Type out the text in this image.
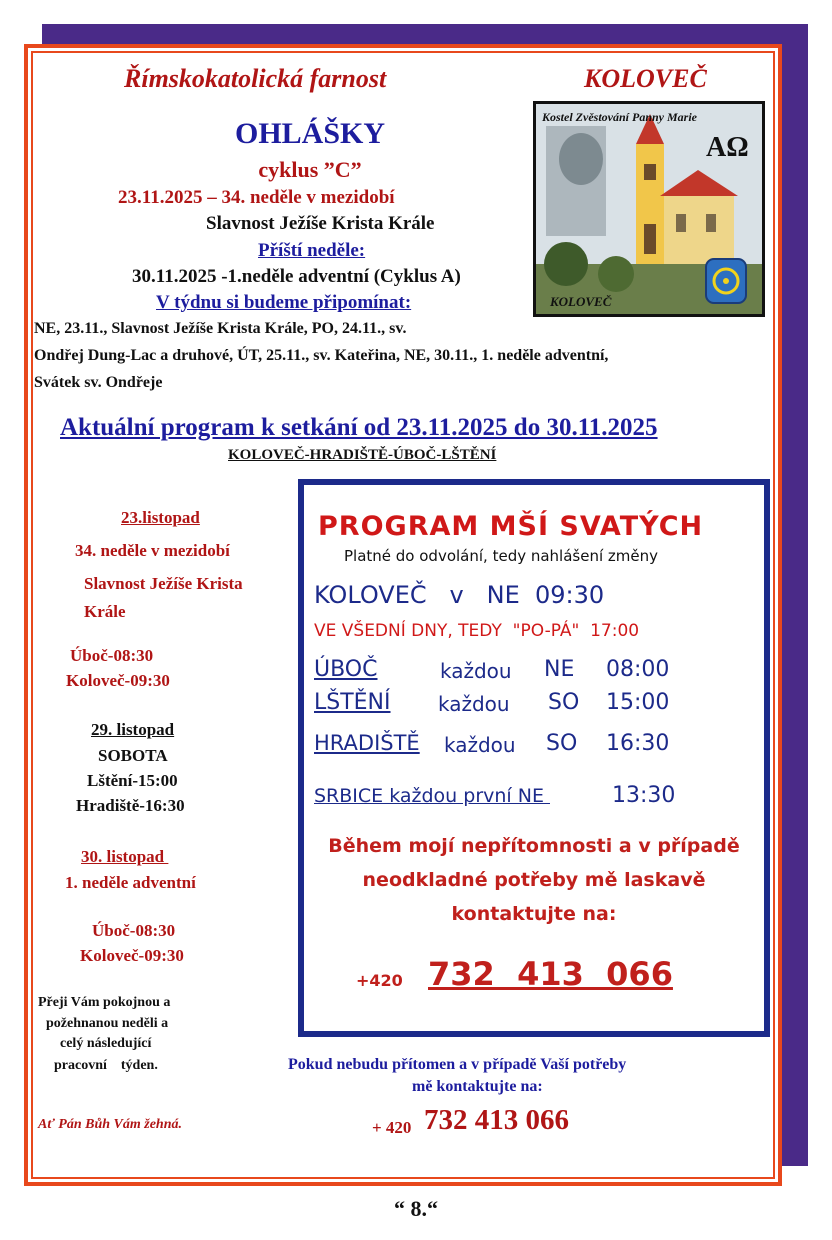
Římskokatolická farnost	KOLOVEČ
OHLÁŠKY
cyklus ”C”
23.11.2025 – 34. neděle v mezidobí
Slavnost Ježíše Krista Krále
Příští neděle:
30.11.2025 -1.neděle adventní (Cyklus A)
V týdnu si budeme připomínat:
NE, 23.11., Slavnost Ježíše Krista Krále, PO, 24.11., sv.
Ondřej Dung-Lac a druhové, ÚT, 25.11., sv. Kateřina, NE, 30.11., 1. neděle adventní,
Svátek sv. Ondřeje
Kostel Zvěstování Panny Marie
ΑΩ
KOLOVEČ
Aktuální program k setkání od 23.11.2025 do 30.11.2025
KOLOVEČ-HRADIŠTĚ-ÚBOČ-LŠTĚNÍ
23.listopad
34. neděle v mezidobí
Slavnost Ježíše Krista
Krále
Úboč-08:30
Koloveč-09:30
29. listopad
SOBOTA
Lštění-15:00
Hradiště-16:30
30. listopad
1. neděle adventní
Úboč-08:30
Koloveč-09:30
Přeji Vám pokojnou a
požehnanou neděli a
celý následující
pracovní    týden.
Ať Pán Bůh Vám žehná.
PROGRAM MŠÍ SVATÝCH
Platné do odvolání, tedy nahlášení změny
KOLOVEČ   v   NE  09:30
VE VŠEDNÍ DNY, TEDY  "PO-PÁ"  17:00
ÚBOČ	každou NE 08:00
LŠTĚNÍ každou SO 15:00
HRADIŠTĚ každou SO 16:30
SRBICE každou první NE	13:30
Během mojí nepřítomnosti a v případě
neodkladné potřeby mě laskavě
kontaktujte na:
+420 732  413  066
Pokud nebudu přítomen a v případě Vaší potřeby
mě kontaktujte na:
+ 420 732 413 066
“ 8.“
